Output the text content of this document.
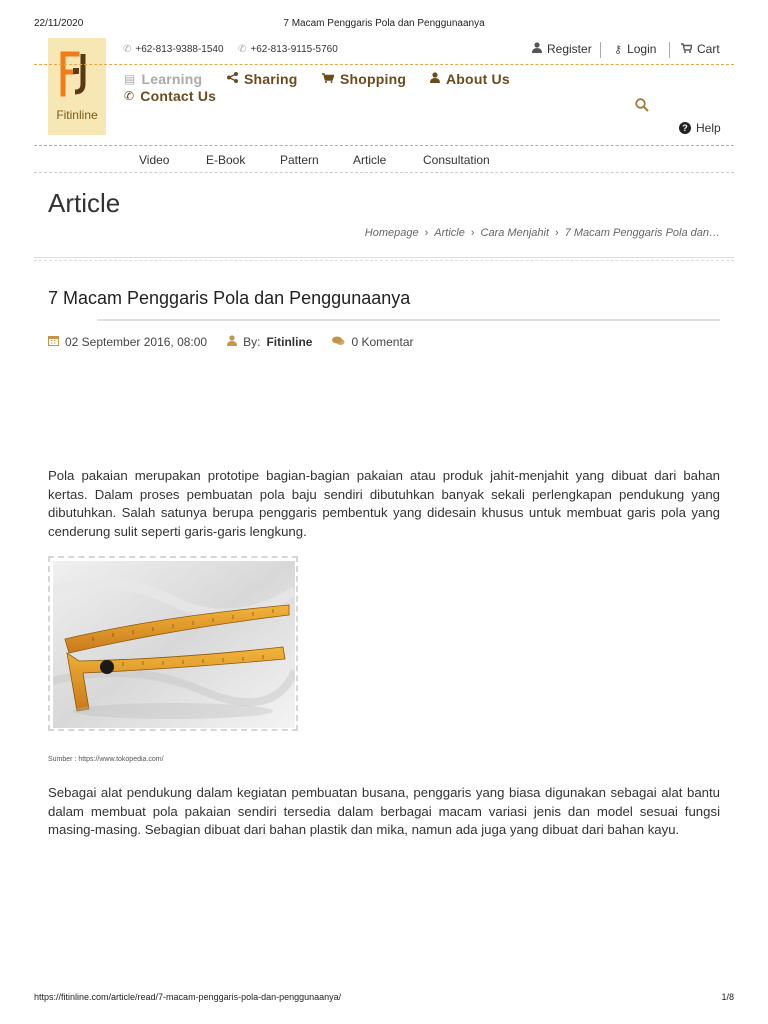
22/11/2020	7 Macam Penggaris Pola dan Penggunaanya
Fitinline
✆ +62-813-9388-1540 ✆ +62-813-9115-5760	Register ⚷ Login	Cart
▤ Learning	Sharing	Shopping	About Us
✆ Contact Us
? Help
Video	E-Book	Pattern	Article	Consultation
Article
Homepage › Article › Cara Menjahit › 7 Macam Penggaris Pola dan…
7 Macam Penggaris Pola dan Penggunaanya
02 September 2016, 08:00	By: Fitinline	0 Komentar

Pola pakaian merupakan prototipe bagian-bagian pakaian atau produk jahit-menjahit yang dibuat dari bahan kertas. Dalam proses pembuatan pola baju sendiri dibutuhkan banyak sekali perlengkapan pendukung yang dibutuhkan. Salah satunya berupa penggaris pembentuk yang didesain khusus untuk membuat garis pola yang cenderung sulit seperti garis-garis lengkung.

Sumber : https://www.tokopedia.com/

Sebagai alat pendukung dalam kegiatan pembuatan busana, penggaris yang biasa digunakan sebagai alat bantu dalam membuat pola pakaian sendiri tersedia dalam berbagai macam variasi jenis dan model sesuai fungsi masing-masing. Sebagian dibuat dari bahan plastik dan mika, namun ada juga yang dibuat dari bahan kayu.

https://fitinline.com/article/read/7-macam-penggaris-pola-dan-penggunaanya/	1/8
